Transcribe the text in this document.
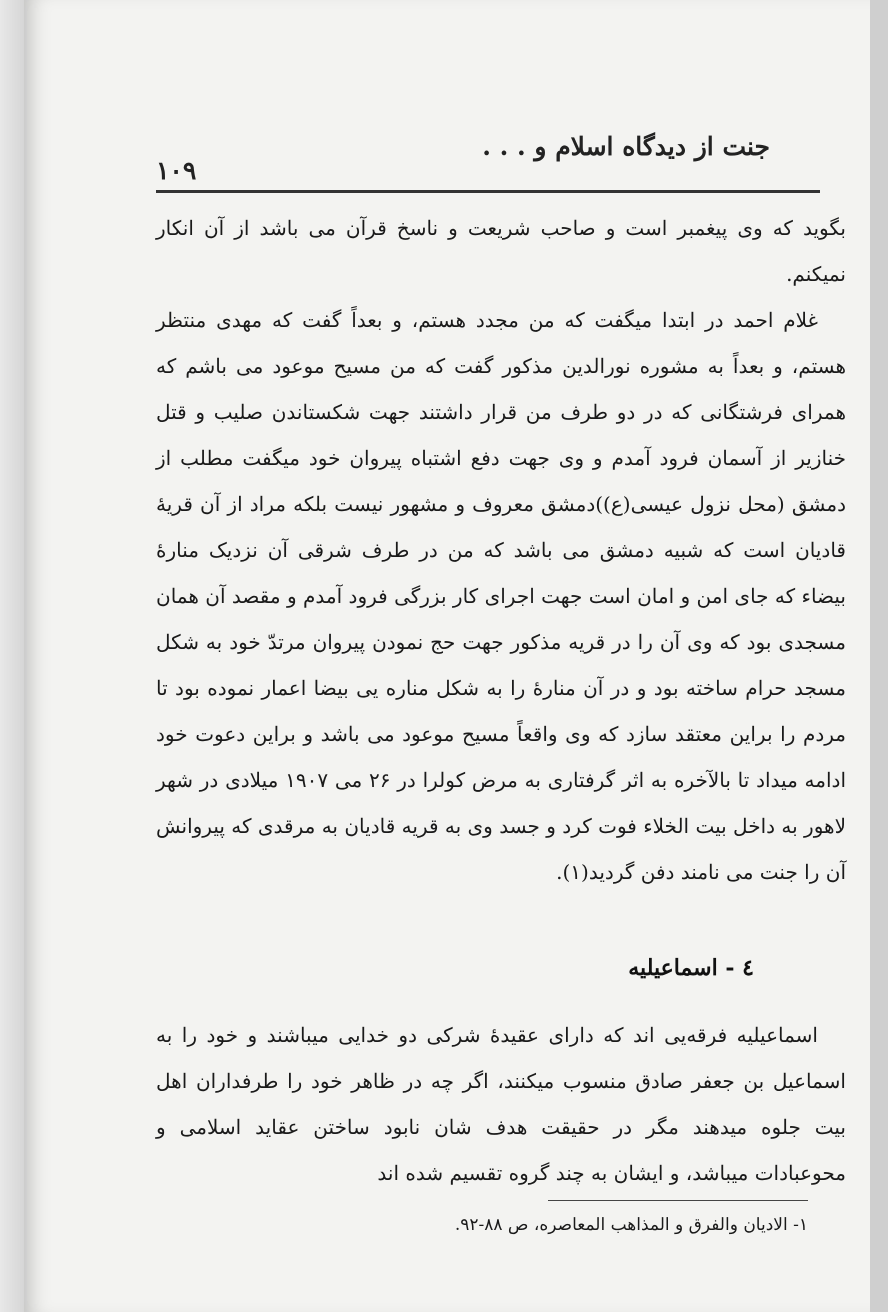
جنت از دیدگاه اسلام و . . .
۱۰۹

بگوید که وی پیغمبر است و صاحب شریعت و ناسخ قرآن می باشد از آن انکار نمیکنم.

غلام احمد در ابتدا میگفت که من مجدد هستم، و بعداً گفت که مهدی منتظر هستم، و بعداً به مشوره نورالدین مذکور گفت که من مسیح موعود می باشم که همرای فرشتگانی که در دو طرف من قرار داشتند جهت شکستاندن صلیب و قتل خنازیر از آسمان فرود آمدم و وی جهت دفع اشتباه پیروان خود میگفت مطلب از دمشق (محل نزول عیسی(ع))دمشق معروف و مشهور نیست بلکه مراد از آن قریهٔ قادیان است که شبیه دمشق می باشد که من در طرف شرقی آن نزدیک منارهٔ بیضاء که جای امن و امان است جهت اجرای کار بزرگی فرود آمدم و مقصد آن همان مسجدی بود که وی آن را در قریه مذکور جهت حج نمودن پیروان مرتدّ خود به شکل مسجد حرام ساخته بود و در آن منارهٔ را به شکل مناره یی بیضا اعمار نموده بود تا مردم را براین معتقد سازد که وی واقعاً مسیح موعود می باشد و براین دعوت خود ادامه میداد تا بالآخره به اثر گرفتاری به مرض کولرا در ۲۶ می ۱۹۰۷ میلادی در شهر لاهور به داخل بیت الخلاء فوت کرد و جسد وی به قریه قادیان به مرقدی که پیروانش آن را جنت می نامند دفن گردید(۱).

٤ - اسماعیلیه

اسماعیلیه فرقه‌یی اند که دارای عقیدهٔ شرکی دو خدایی میباشند و خود را به اسماعیل بن جعفر صادق منسوب میکنند، اگر چه در ظاهر خود را طرفداران اهل بیت جلوه میدهند مگر در حقیقت هدف شان نابود ساختن عقاید اسلامی و محوعبادات میباشد، و ایشان به چند گروه تقسیم شده اند

۱- الادیان والفرق و المذاهب المعاصره، ص ۸۸-۹۲.
